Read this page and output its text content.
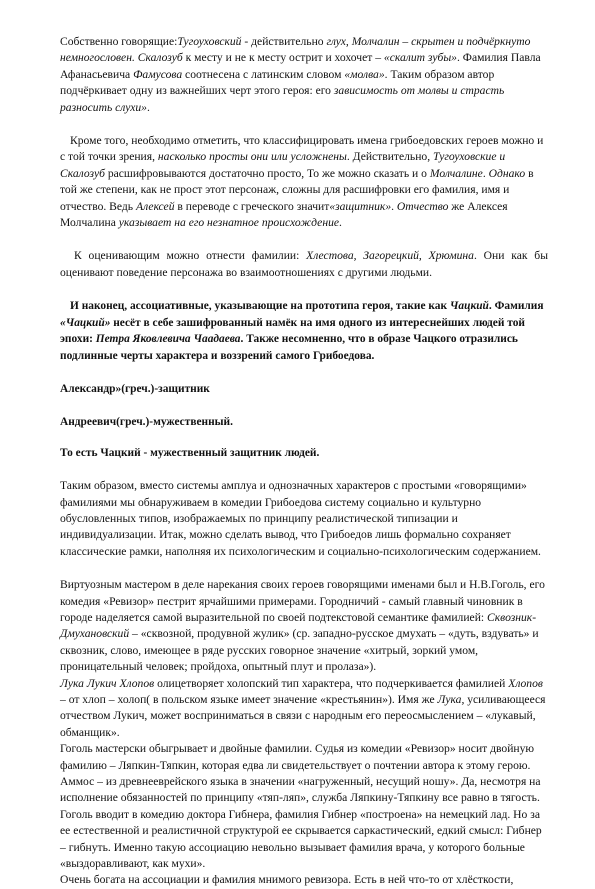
Собственно говорящие:Тугоуховский - действительно глух, Молчалин – скрытен и подчёркнуто немногословен. Скалозуб к месту и не к месту острит и хохочет – «скалит зубы». Фамилия Павла Афанасьевича Фамусова соотнесена с латинским словом «молва». Таким образом автор подчёркивает одну из важнейших черт этого героя: его зависимость от молвы и страсть разносить слухи».

Кроме того, необходимо отметить, что классифицировать имена грибоедовских героев можно и с той точки зрения, насколько просты они или усложнены. Действительно, Тугоуховские и Скалозуб расшифровываются достаточно просто, То же можно сказать и о Молчалине. Однако в той же степени, как не прост этот персонаж, сложны для расшифровки его фамилия, имя и отчество. Ведь Алексей в переводе с греческого значит«защитник». Отчество же Алексея Молчалина указывает на его незнатное происхождение.

К оценивающим можно отнести фамилии: Хлестова, Загорецкий, Хрюмина. Они как бы оценивают поведение персонажа во взаимоотношениях с другими людьми.

И наконец, ассоциативные, указывающие на прототипа героя, такие как Чацкий. Фамилия «Чацкий» несёт в себе зашифрованный намёк на имя одного из интереснейших людей той эпохи: Петра Яковлевича Чаадаева. Также несомненно, что в образе Чацкого отразились подлинные черты характера и воззрений самого Грибоедова.

Александр»(греч.)-защитник

Андреевич(греч.)-мужественный.

То есть Чацкий - мужественный защитник людей.

Таким образом, вместо системы амплуа и однозначных характеров с простыми «говорящими» фамилиями мы обнаруживаем в комедии Грибоедова систему социально и культурно обусловленных типов, изображаемых по принципу реалистической типизации и индивидуализации. Итак, можно сделать вывод, что Грибоедов лишь формально сохраняет классические рамки, наполняя их психологическим и социально-психологическим содержанием.

Виртуозным мастером в деле нарекания своих героев говорящими именами был и Н.В.Гоголь, его комедия «Ревизор» пестрит ярчайшими примерами. Городничий - самый главный чиновник в городе наделяется самой выразительной по своей подтекстовой семантике фамилией: Сквозник-Дмухановский – «сквозной, продувной жулик» (ср. западно-русское дмухать – «дуть, вздувать» и сквозник, слово, имеющее в ряде русских говорное значение «хитрый, зоркий умом, проницательный человек; пройдоха, опытный плут и пролаза»).

Лука Лукич Хлопов олицетворяет холопский тип характера, что подчеркивается фамилией Хлопов – от хлоп – холоп( в польском языке имеет значение «крестьянин»). Имя же Лука, усиливающееся отчеством Лукич, может восприниматься в связи с народным его переосмыслением – «лукавый, обманщик».

Гоголь мастерски обыгрывает и двойные фамилии. Судья из комедии «Ревизор» носит двойную фамилию – Ляпкин-Тяпкин, которая едва ли свидетельствует о почтении автора к этому герою. Аммос – из древнееврейского языка в значении «нагруженный, несущий ношу». Да, несмотря на исполнение обязанностей по принципу «тяп-ляп», служба Ляпкину-Тяпкину все равно в тягость. Гоголь вводит в комедию доктора Гибнера, фамилия Гибнер «построена» на немецкий лад. Но за ее естественной и реалистичной структурой ее скрывается саркастический, едкий смысл: Гибнер – гибнуть. Именно такую ассоциацию невольно вызывает фамилия врача, у которого больные «выздоравливают, как мухи».

Очень богата на ассоциации и фамилия мнимого ревизора. Есть в ней что-то от хлёсткости,
